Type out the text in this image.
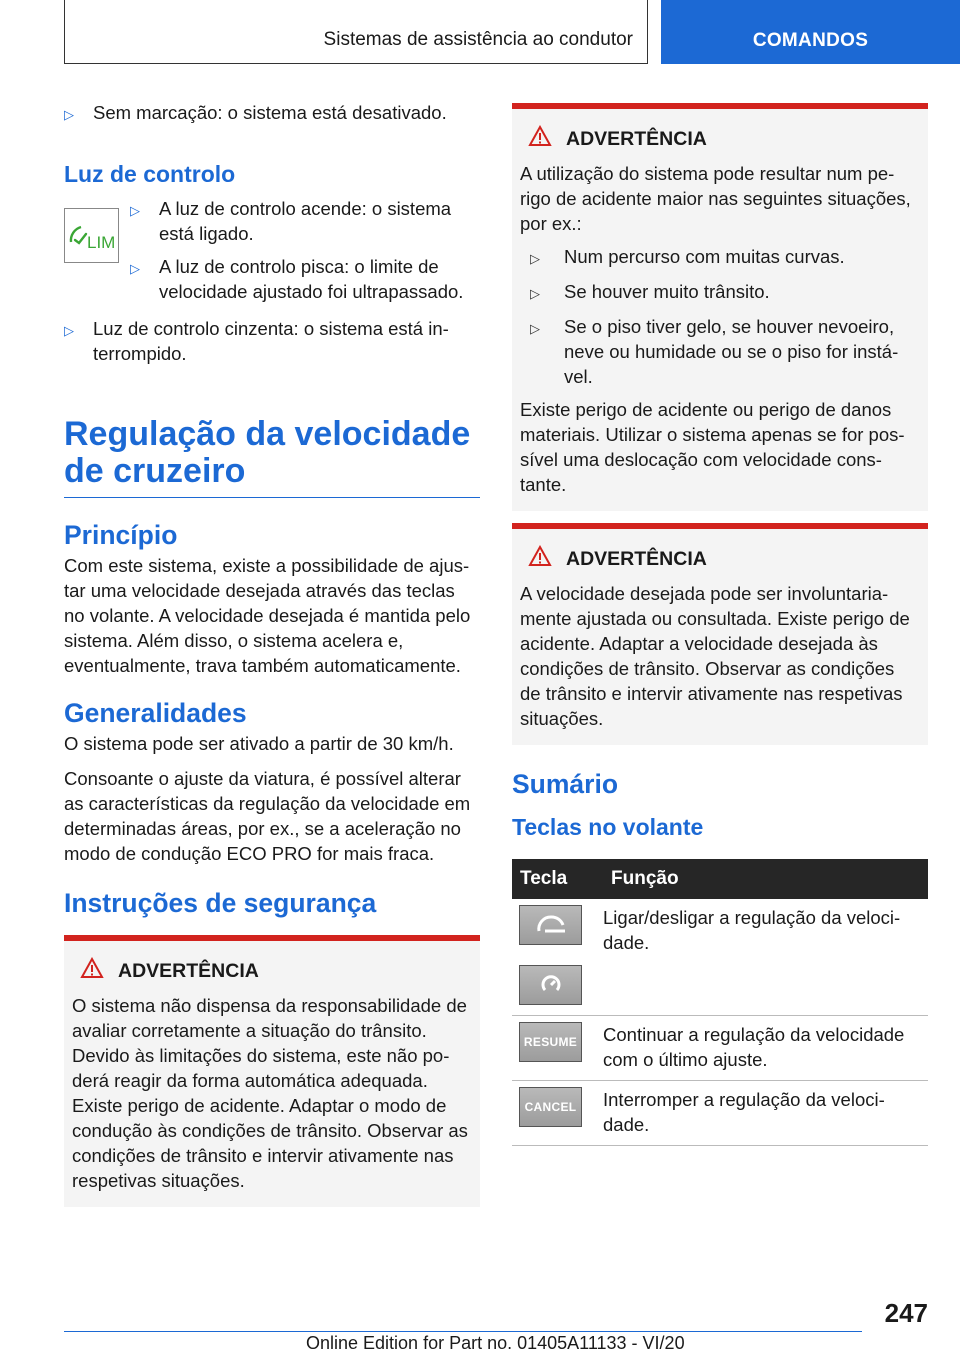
Sistemas de assistência ao condutor	COMANDOS
▷	Sem marcação: o sistema está desativado.

Luz de controlo

LIM
▷	A luz de controlo acende: o sistema está ligado.
▷	A luz de controlo pisca: o limite de velocidade ajustado foi ultrapassado.
▷	Luz de controlo cinzenta: o sistema está in-terrompido.

Regulação da velocidade de cruzeiro

Princípio

Com este sistema, existe a possibilidade de ajus-tar uma velocidade desejada através das teclas no volante. A velocidade desejada é mantida pelo sistema. Além disso, o sistema acelera e, eventualmente, trava também automaticamente.

Generalidades

O sistema pode ser ativado a partir de 30 km/h.

Consoante o ajuste da viatura, é possível alterar as características da regulação da velocidade em determinadas áreas, por ex., se a aceleração no modo de condução ECO PRO for mais fraca.

Instruções de segurança

ADVERTÊNCIA

O sistema não dispensa da responsabilidade de avaliar corretamente a situação do trânsito. Devido às limitações do sistema, este não po-derá reagir da forma automática adequada. Existe perigo de acidente. Adaptar o modo de condução às condições de trânsito. Observar as condições de trânsito e intervir ativamente nas respetivas situações.

ADVERTÊNCIA

A utilização do sistema pode resultar num pe-rigo de acidente maior nas seguintes situações, por ex.:

▷	Num percurso com muitas curvas.
▷	Se houver muito trânsito.
▷	Se o piso tiver gelo, se houver nevoeiro, neve ou humidade ou se o piso for instá-vel.

Existe perigo de acidente ou perigo de danos materiais. Utilizar o sistema apenas se for pos-sível uma deslocação com velocidade cons-tante.

ADVERTÊNCIA

A velocidade desejada pode ser involuntaria-mente ajustada ou consultada. Existe perigo de acidente. Adaptar a velocidade desejada às condições de trânsito. Observar as condições de trânsito e intervir ativamente nas respetivas situações.

Sumário

Teclas no volante

Tecla	Função

	Ligar/desligar a regulação da veloci-dade.

RESUME	Continuar a regulação da velocidade com o último ajuste.

CANCEL	Interromper a regulação da veloci-dade.
247
Online Edition for Part no. 01405A11133 - VI/20
